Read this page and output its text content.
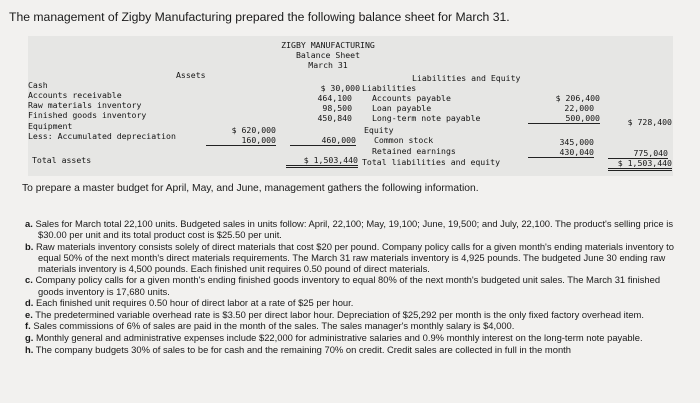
The management of Zigby Manufacturing prepared the following balance sheet for March 31.
ZIGBY MANUFACTURING
Balance Sheet
March 31
Assets	Liabilities and Equity
Cash
Accounts receivable
Raw materials inventory
Finished goods inventory
Equipment
Less: Accumulated depreciation
Total assets
$ 620,000
160,000
$ 30,000
464,100
98,500
450,840
460,000
$ 1,503,440
Liabilities
Accounts payable
Loan payable
Long-term note payable
Equity
Common stock
Retained earnings
Total liabilities and equity
$ 206,400
22,000
500,000
345,000
430,040
$ 728,400
775,040
$ 1,503,440
To prepare a master budget for April, May, and June, management gathers the following information.
a. Sales for March total 22,100 units. Budgeted sales in units follow: April, 22,100; May, 19,100; June, 19,500; and July, 22,100. The product's selling price is $30.00 per unit and its total product cost is $25.50 per unit.
b. Raw materials inventory consists solely of direct materials that cost $20 per pound. Company policy calls for a given month's ending materials inventory to equal 50% of the next month's direct materials requirements. The March 31 raw materials inventory is 4,925 pounds. The budgeted June 30 ending raw materials inventory is 4,500 pounds. Each finished unit requires 0.50 pound of direct materials.
c. Company policy calls for a given month's ending finished goods inventory to equal 80% of the next month's budgeted unit sales. The March 31 finished goods inventory is 17,680 units.
d. Each finished unit requires 0.50 hour of direct labor at a rate of $25 per hour.
e. The predetermined variable overhead rate is $3.50 per direct labor hour. Depreciation of $25,292 per month is the only fixed factory overhead item.
f. Sales commissions of 6% of sales are paid in the month of the sales. The sales manager's monthly salary is $4,000.
g. Monthly general and administrative expenses include $22,000 for administrative salaries and 0.9% monthly interest on the long-term note payable.
h. The company budgets 30% of sales to be for cash and the remaining 70% on credit. Credit sales are collected in full in the month
